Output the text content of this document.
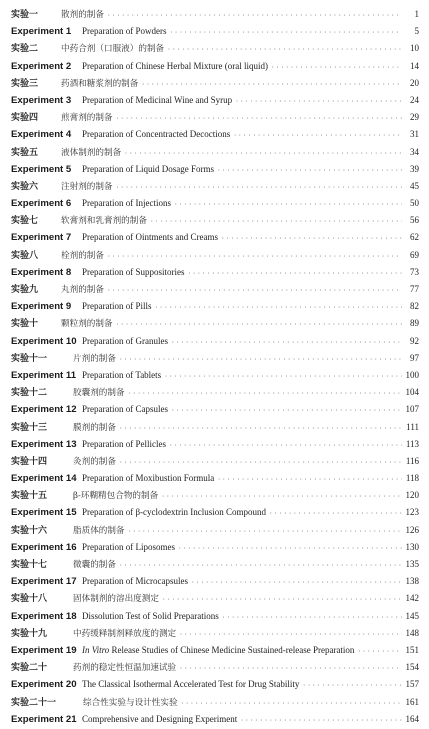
实验一	散剂的制备 ·····	1
Experiment 1	Preparation of Powders ·····	5
实验二	中药合剂（口服液）的制备 ·····	10
Experiment 2	Preparation of Chinese Herbal Mixture (oral liquid) ·····	14
实验三	药酒和糖浆剂的制备 ·····	20
Experiment 3	Preparation of Medicinal Wine and Syrup ·····	24
实验四	煎膏剂的制备 ·····	29
Experiment 4	Preparation of Concentracted Decoctions ·····	31
实验五	液体制剂的制备 ·····	34
Experiment 5	Preparation of Liquid Dosage Forms ·····	39
实验六	注射剂的制备 ·····	45
Experiment 6	Preparation of Injections ·····	50
实验七	软膏剂和乳膏剂的制备 ·····	56
Experiment 7	Preparation of Ointments and Creams ·····	62
实验八	栓剂的制备 ·····	69
Experiment 8	Preparation of Suppositories ·····	73
实验九	丸剂的制备 ·····	77
Experiment 9	Preparation of Pills ·····	82
实验十	颗粒剂的制备 ·····	89
Experiment 10 Preparation of Granules ·····	92
实验十一	片剂的制备 ·····	97
Experiment 11 Preparation of Tablets ·····	100
实验十二	胶囊剂的制备 ·····	104
Experiment 12 Preparation of Capsules ·····	107
实验十三	膜剂的制备 ·····	111
Experiment 13 Preparation of Pellicles ·····	113
实验十四	灸剂的制备 ·····	116
Experiment 14 Preparation of Moxibustion Formula ·····	118
实验十五	β-环糊精包合物的制备 ·····	120
Experiment 15 Preparation of β-cyclodextrin Inclusion Compound ·····	123
实验十六	脂质体的制备 ·····	126
Experiment 16 Preparation of Liposomes ·····	130
实验十七	微囊的制备 ·····	135
Experiment 17 Preparation of Microcapsules ·····	138
实验十八	固体制剂的溶出度测定 ·····	142
Experiment 18 Dissolution Test of Solid Preparations ·····	145
实验十九	中药缓释制剂释放度的测定 ·····	148
Experiment 19 In Vitro Release Studies of Chinese Medicine Sustained-release Preparation ·····	151
实验二十	药剂的稳定性恒温加速试验 ·····	154
Experiment 20 The Classical Isothermal Accelerated Test for Drug Stability ·····	157
实验二十一	综合性实验与设计性实验 ·····	161
Experiment 21 Comprehensive and Designing Experiment ·····	164
